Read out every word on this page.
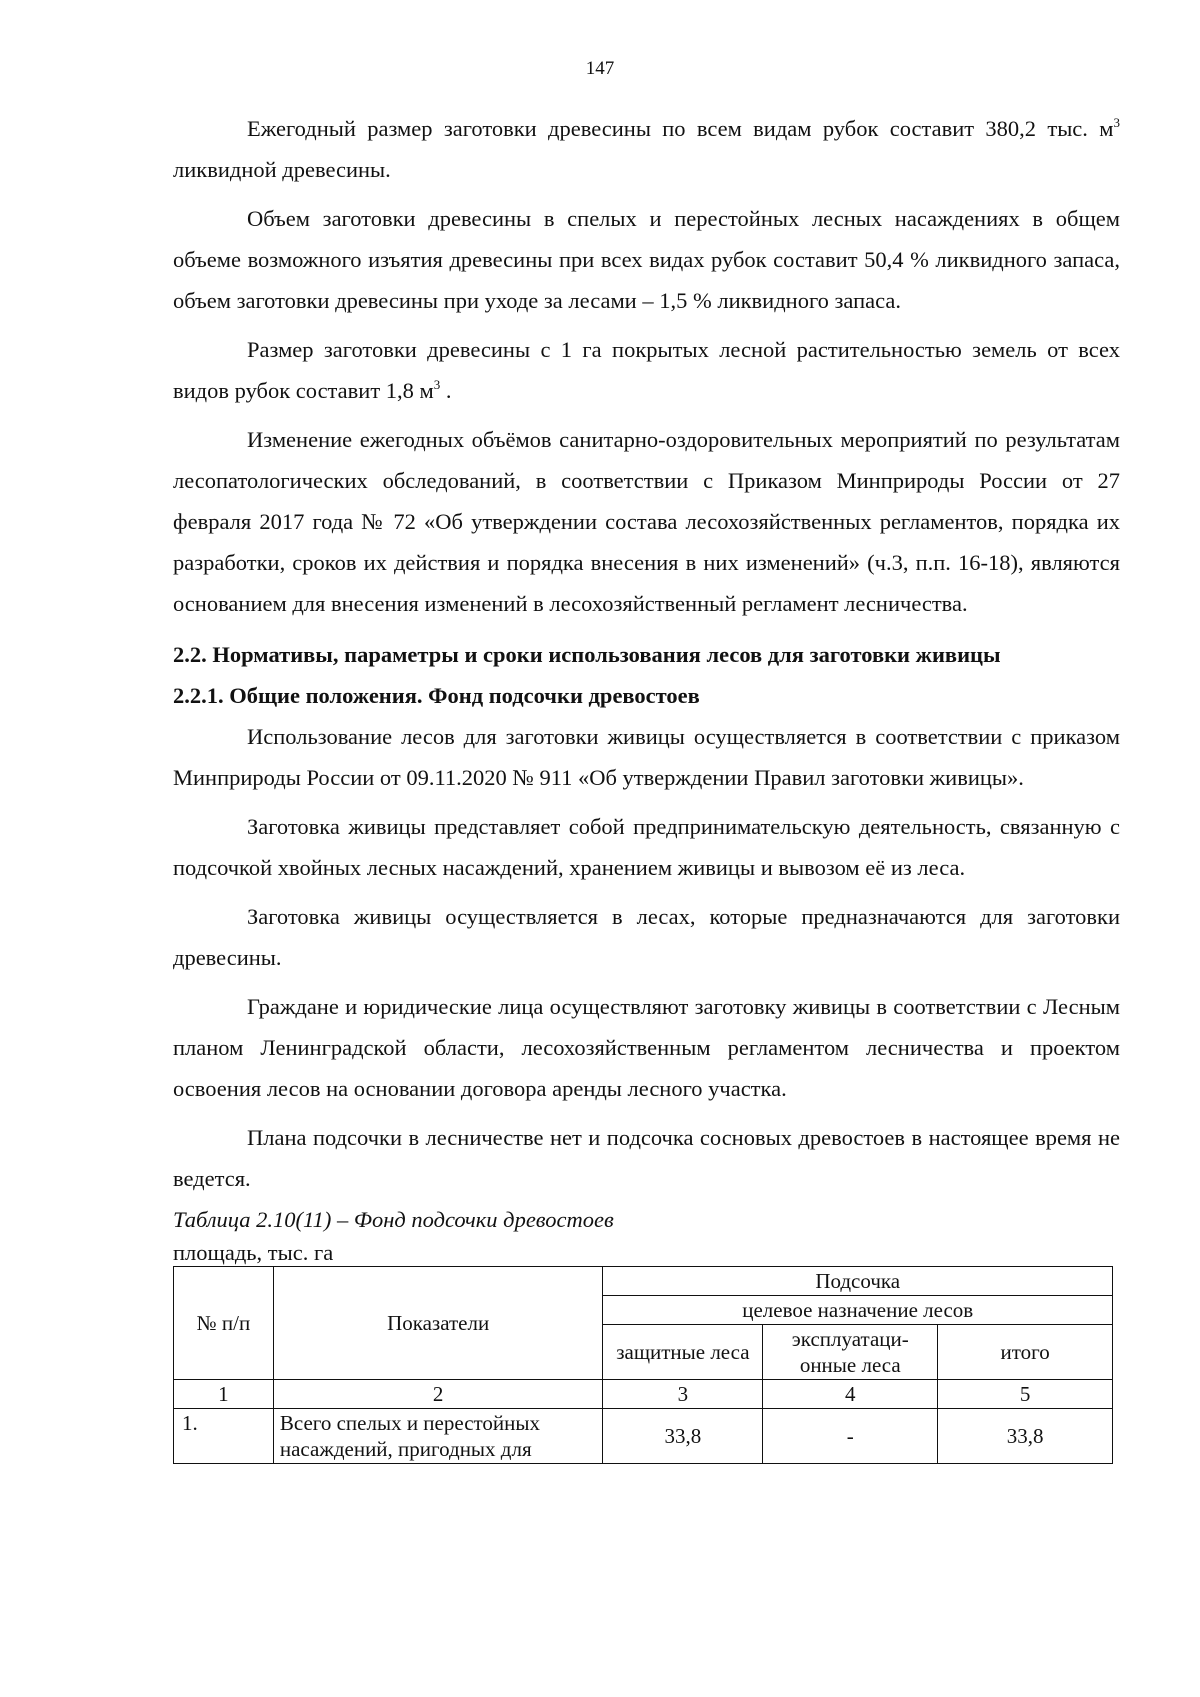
147

Ежегодный размер заготовки древесины по всем видам рубок составит 380,2 тыс. $м^3$ ликвидной древесины.

Объем заготовки древесины в спелых и перестойных лесных насаждениях в общем объеме возможного изъятия древесины при всех видах рубок составит 50,4 % ликвидного запаса, объем заготовки древесины при уходе за лесами – 1,5 % ликвидного запаса.

Размер заготовки древесины с 1 га покрытых лесной растительностью земель от всех видов рубок составит 1,8 $м^3$ .

Изменение ежегодных объёмов санитарно-оздоровительных мероприятий по результатам лесопатологических обследований, в соответствии с Приказом Минприроды России от 27 февраля 2017 года № 72 «Об утверждении состава лесохозяйственных регламентов, порядка их разработки, сроков их действия и порядка внесения в них изменений» (ч.3, п.п. 16-18), являются основанием для внесения изменений в лесохозяйственный регламент лесничества.

2.2. Нормативы, параметры и сроки использования лесов для заготовки живицы

2.2.1. Общие положения. Фонд подсочки древостоев

Использование лесов для заготовки живицы осуществляется в соответствии с приказом Минприроды России от 09.11.2020 № 911 «Об утверждении Правил заготовки живицы».

Заготовка живицы представляет собой предпринимательскую деятельность, связанную с подсочкой хвойных лесных насаждений, хранением живицы и вывозом её из леса.

Заготовка живицы осуществляется в лесах, которые предназначаются для заготовки древесины.

Граждане и юридические лица осуществляют заготовку живицы в соответствии с Лесным планом Ленинградской области, лесохозяйственным регламентом лесничества и проектом освоения лесов на основании договора аренды лесного участка.

Плана подсочки в лесничестве нет и подсочка сосновых древостоев в настоящее время не ведется.

Таблица 2.10(11) – Фонд подсочки древостоев

площадь, тыс. га

№ п/п	Показатели	Подсочка		
		целевое назначение лесов		
		защитные леса	эксплуатаци-онные леса	итого
1	2	3	4	5
1.	Всего спелых и перестойных насаждений, пригодных для	33,8	-	33,8
